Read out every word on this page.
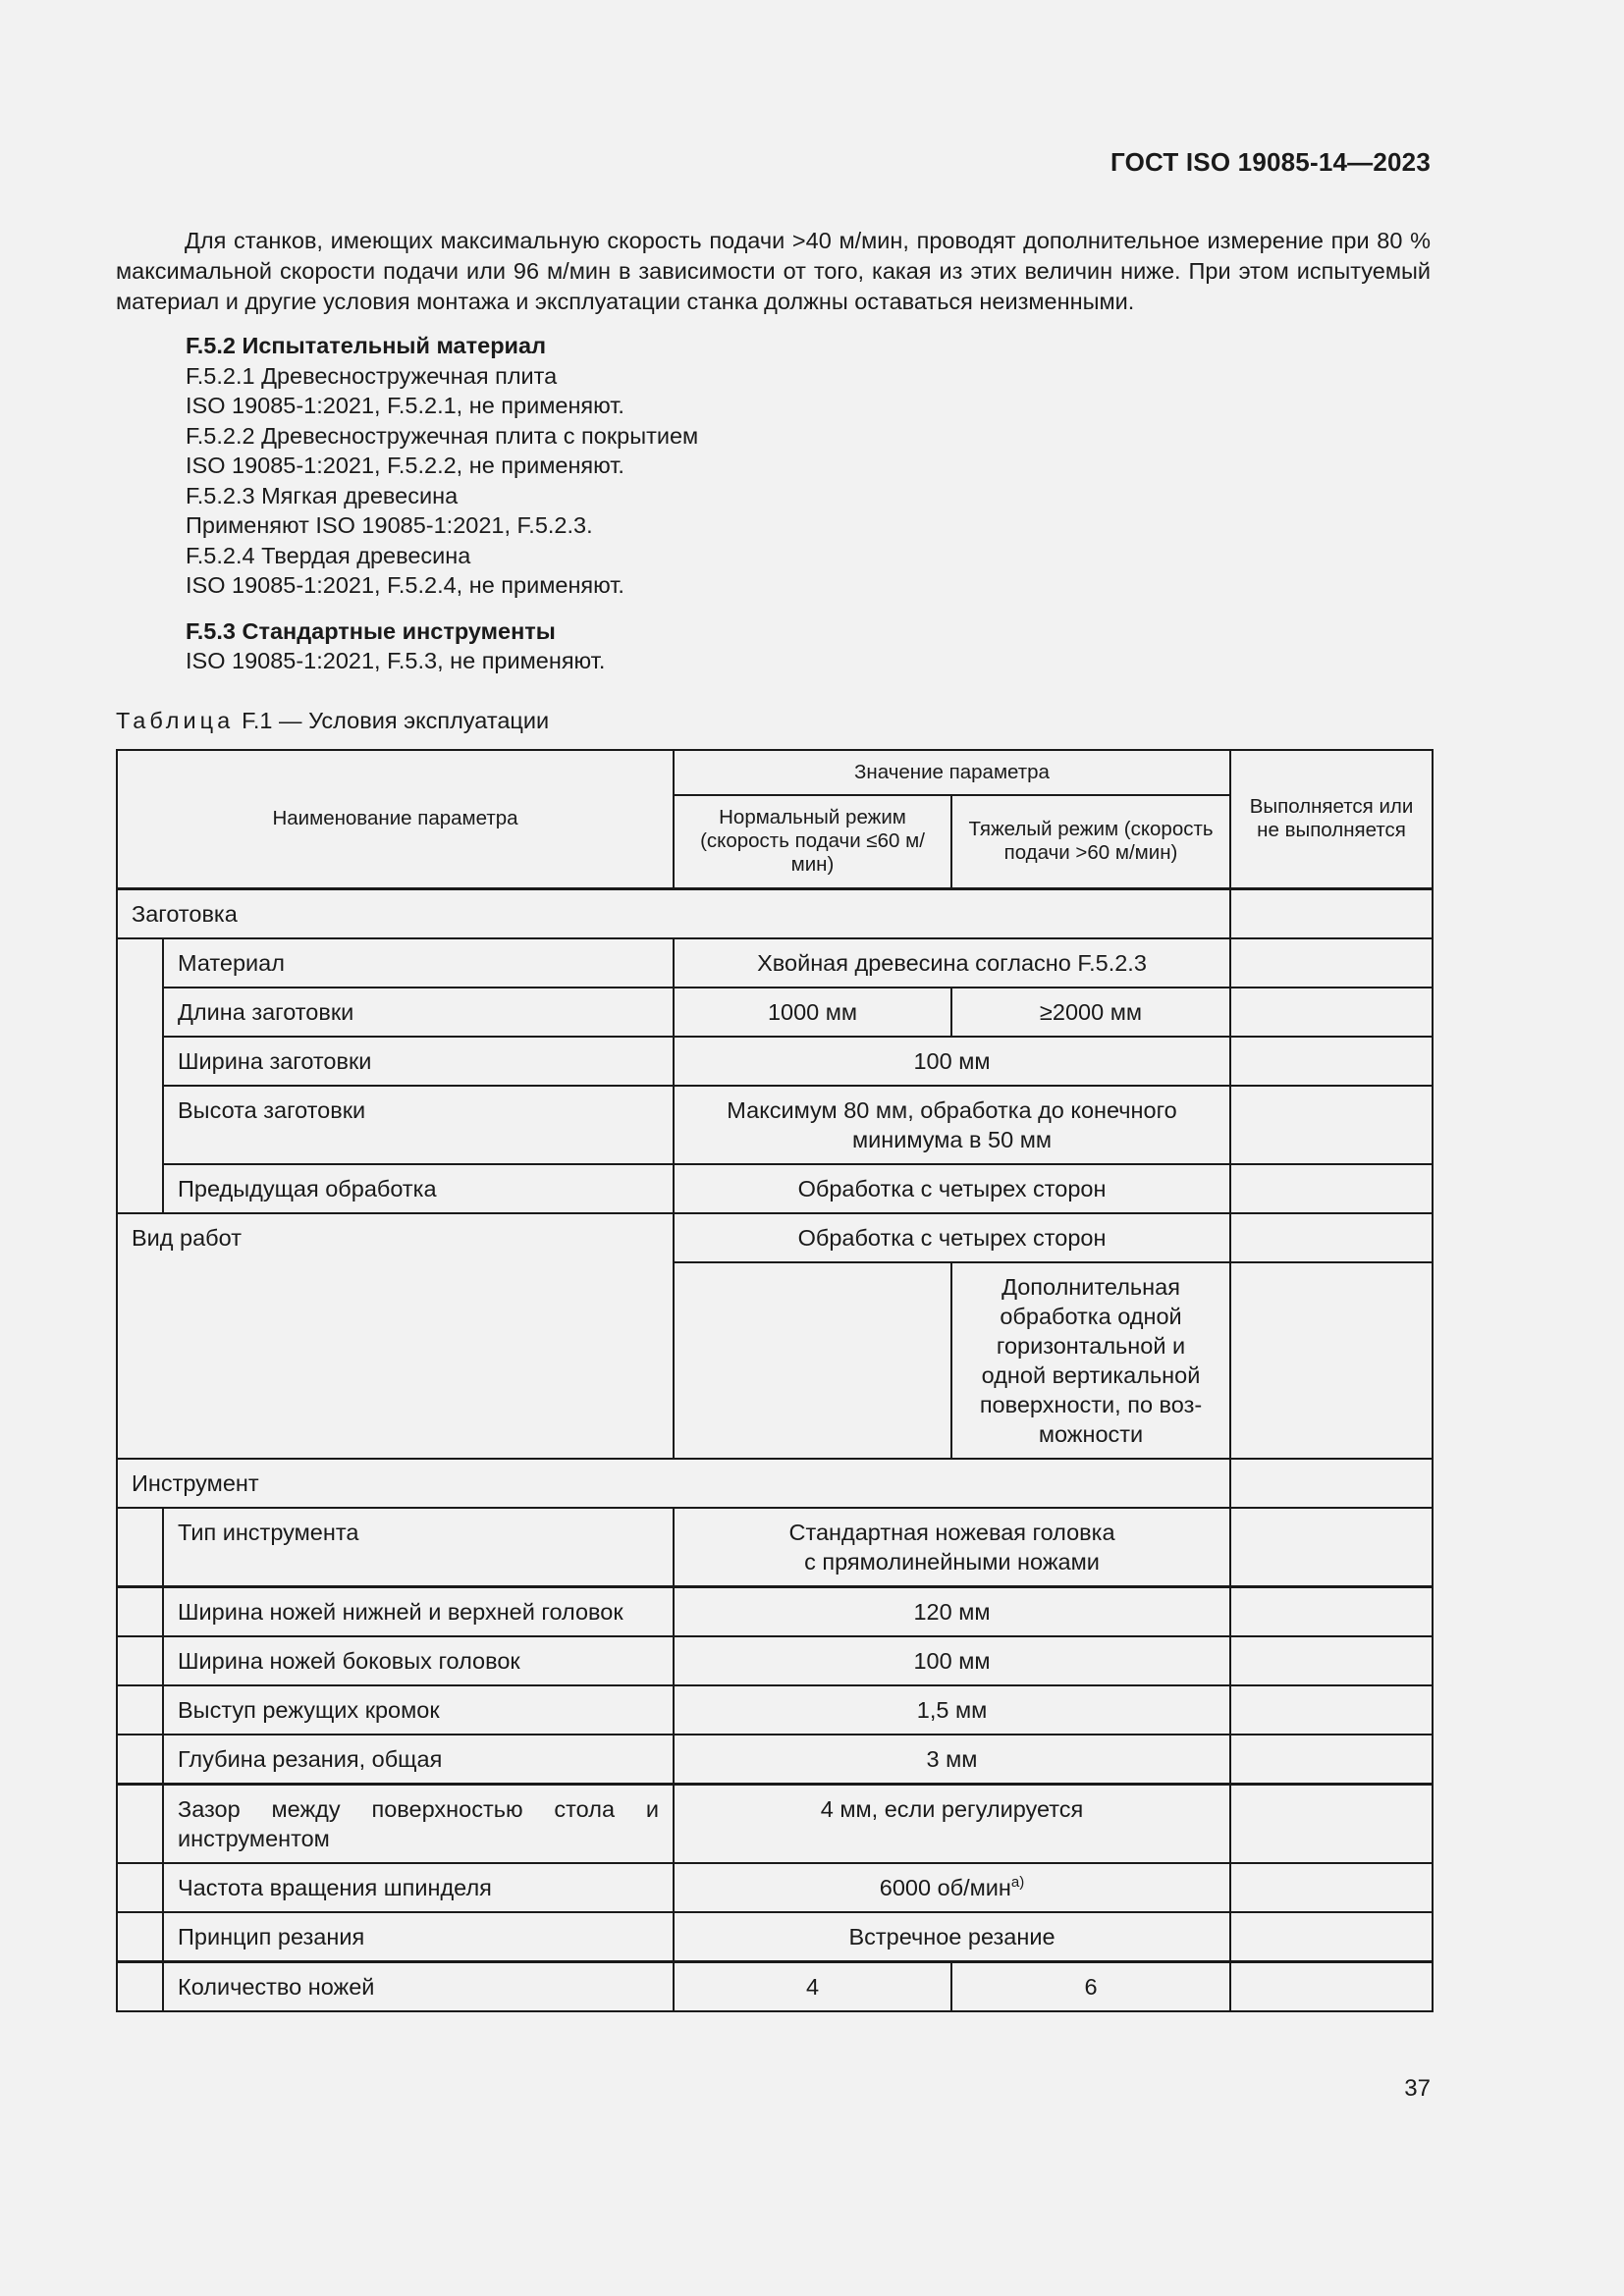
ГОСТ ISO 19085-14—2023

Для станков, имеющих максимальную скорость подачи >40 м/мин, проводят дополнительное измерение при 80 % максимальной скорости подачи или 96 м/мин в зависимости от того, какая из этих величин ниже. При этом испытуемый материал и другие условия монтажа и эксплуатации станка должны оставаться неизменными.

F.5.2 Испытательный материал

F.5.2.1 Древесностружечная плита

ISO 19085-1:2021, F.5.2.1, не применяют.

F.5.2.2 Древесностружечная плита с покрытием

ISO 19085-1:2021, F.5.2.2, не применяют.

F.5.2.3 Мягкая древесина

Применяют ISO 19085-1:2021, F.5.2.3.

F.5.2.4 Твердая древесина

ISO 19085-1:2021, F.5.2.4, не применяют.

F.5.3 Стандартные инструменты

ISO 19085-1:2021, F.5.3, не применяют.

Таблица F.1 — Условия эксплуатации
Наименование параметра		Значение параметра		Выполняется или не выполняется
		Нормальный режим (скорость подачи ≤60 м/мин)	Тяжелый режим (скорость подачи >60 м/мин)	
Заготовка				
	Материал	Хвойная древесина согласно F.5.2.3		
	Длина заготовки	1000 мм	≥2000 мм	
	Ширина заготовки	100 мм		
	Высота заготовки	Максимум 80 мм, обработка до конечного минимума в 50 мм		
	Предыдущая обработка	Обработка с четырех сторон		
Вид работ		Обработка с четырех сторон		
			Дополнительная обработка одной горизонтальной и одной вертикальной поверхности, по воз-можности	
Инструмент				
	Тип инструмента	Стандартная ножевая головка
с прямолинейными ножами		

	Ширина ножей нижней и верхней головок	120 мм		
	Ширина ножей боковых головок	100 мм		
	Выступ режущих кромок	1,5 мм		
	Глубина резания, общая	3 мм		
	Зазор между поверхностью стола и инструментом	4 мм, если регулируется		
	Частота вращения шпинделя	6000 об/мин$^{а)}$	
	Принцип резания	Встречное резание		
	Количество ножей	4	6	
37
